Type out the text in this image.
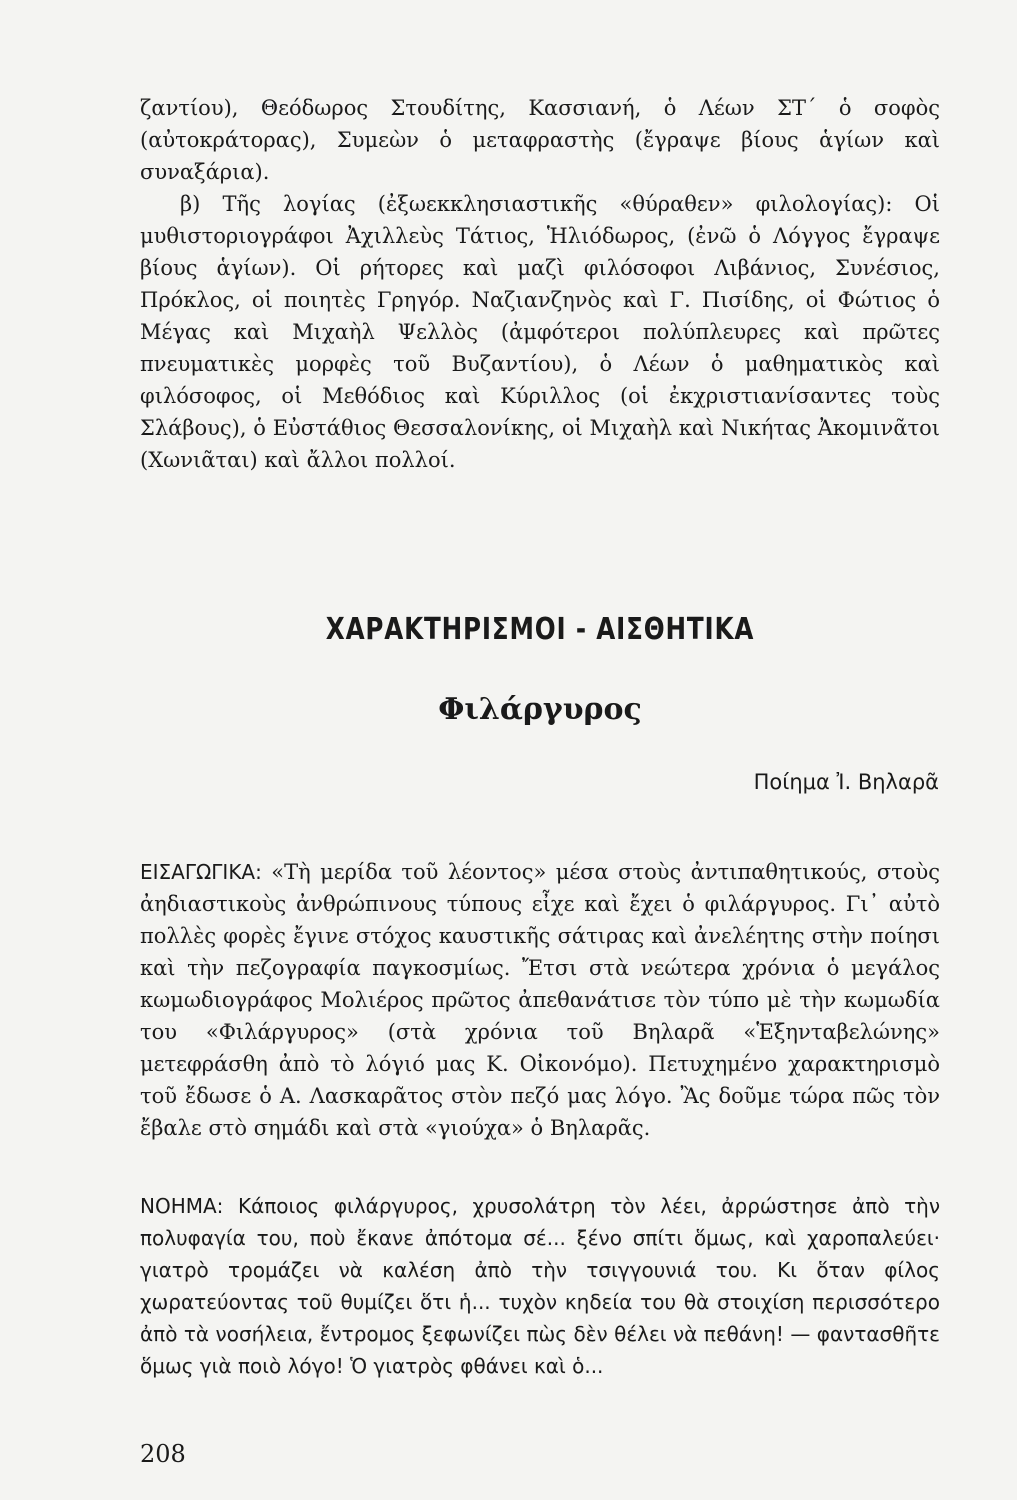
ζαντίου), Θεόδωρος Στουδίτης, Κασσιανή, ὁ Λέων ΣΤ΄ ὁ σοφὸς (αὐτοκράτορας), Συμεὼν ὁ μεταφραστὴς (ἔγραψε βίους ἁγίων καὶ συναξάρια).

β) Τῆς λογίας (ἐξωεκκλησιαστικῆς «θύραθεν» φιλολογίας): Οἱ μυθιστοριογράφοι Ἀχιλλεὺς Τάτιος, Ἡλιόδωρος, (ἐνῶ ὁ Λόγγος ἔγραψε βίους ἁγίων). Οἱ ρήτορες καὶ μαζὶ φιλόσοφοι Λιβάνιος, Συνέσιος, Πρόκλος, οἱ ποιητὲς Γρηγόρ. Ναζιανζηνὸς καὶ Γ. Πισίδης, οἱ Φώτιος ὁ Μέγας καὶ Μιχαὴλ Ψελλὸς (ἀμφότεροι πολύπλευρες καὶ πρῶτες πνευματικὲς μορφὲς τοῦ Βυζαντίου), ὁ Λέων ὁ μαθηματικὸς καὶ φιλόσοφος, οἱ Μεθόδιος καὶ Κύριλλος (οἱ ἐκχριστιανίσαντες τοὺς Σλάβους), ὁ Εὐστάθιος Θεσσαλονίκης, οἱ Μιχαὴλ καὶ Νικήτας Ἀκομινᾶτοι (Χωνιᾶται) καὶ ἄλλοι πολλοί.

ΧΑΡΑΚΤΗΡΙΣΜΟΙ - ΑΙΣΘΗΤΙΚΑ
Φιλάργυρος

Ποίημα Ἰ. Βηλαρᾶ

ΕΙΣΑΓΩΓΙΚΑ: «Τὴ μερίδα τοῦ λέοντος» μέσα στοὺς ἀντιπαθητικούς, στοὺς ἀηδιαστικοὺς ἀνθρώπινους τύπους εἶχε καὶ ἔχει ὁ φιλάργυρος. Γι᾽ αὐτὸ πολλὲς φορὲς ἔγινε στόχος καυστικῆς σάτιρας καὶ ἀνελέητης στὴν ποίησι καὶ τὴν πεζογραφία παγκοσμίως. Ἔτσι στὰ νεώτερα χρόνια ὁ μεγάλος κωμωδιογράφος Μολιέρος πρῶτος ἀπεθανάτισε τὸν τύπο μὲ τὴν κωμωδία του «Φιλάργυρος» (στὰ χρόνια τοῦ Βηλαρᾶ «Ἑξηνταβελώνης» μετεφράσθη ἀπὸ τὸ λόγιό μας Κ. Οἰκονόμο). Πετυχημένο χαρακτηρισμὸ τοῦ ἔδωσε ὁ Α. Λασκαρᾶτος στὸν πεζό μας λόγο. Ἂς δοῦμε τώρα πῶς τὸν ἔβαλε στὸ σημάδι καὶ στὰ «γιούχα» ὁ Βηλαρᾶς.

ΝΟΗΜΑ: Κάποιος φιλάργυρος, χρυσολάτρη τὸν λέει, ἀρρώστησε ἀπὸ τὴν πολυφαγία του, ποὺ ἔκανε ἀπότομα σέ... ξένο σπίτι ὅμως, καὶ χαροπαλεύει· γιατρὸ τρομάζει νὰ καλέση ἀπὸ τὴν τσιγγουνιά του. Κι ὅταν φίλος χωρατεύοντας τοῦ θυμίζει ὅτι ἡ... τυχὸν κηδεία του θὰ στοιχίση περισσότερο ἀπὸ τὰ νοσήλεια, ἔντρομος ξεφωνίζει πὼς δὲν θέλει νὰ πεθάνη! — φαντασθῆτε ὅμως γιὰ ποιὸ λόγο! Ὁ γιατρὸς φθάνει καὶ ὁ...

208
